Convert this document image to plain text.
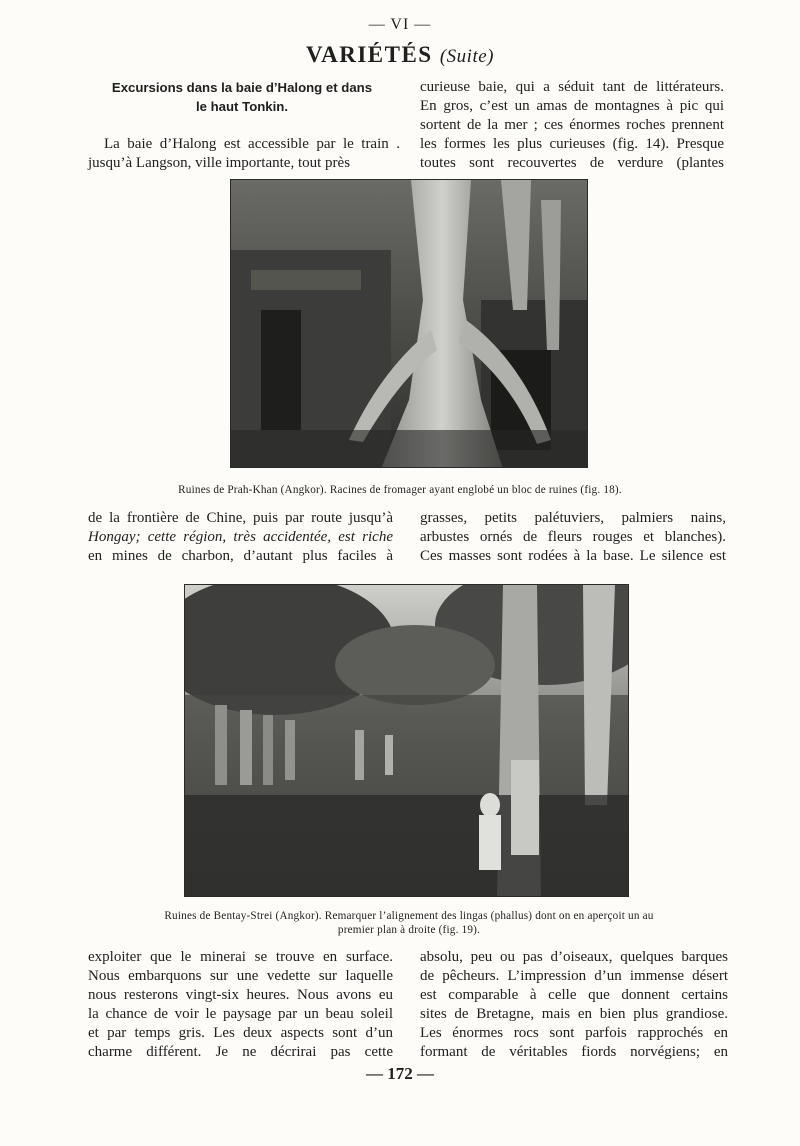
— VI —
VARIÉTÉS (Suite)
Excursions dans la baie d’Halong et dans
le haut Tonkin.
La baie d’Halong est accessible par le train .
jusqu’à Langson, ville importante, tout près
curieuse baie, qui a séduit tant de littérateurs.
En gros, c’est un amas de montagnes à pic qui
sortent de la mer ; ces énormes roches prennent
les formes les plus curieuses (fig. 14). Presque
toutes sont recouvertes de verdure (plantes
Ruines de Prah-Khan (Angkor). Racines de fromager ayant englobé un bloc de ruines (fig. 18).
de la frontière de Chine, puis par route jusqu’à
Hongay; cette région, très accidentée, est riche
en mines de charbon, d’autant plus faciles à
grasses, petits palétuviers, palmiers nains,
arbustes ornés de fleurs rouges et blanches).
Ces masses sont rodées à la base. Le silence est
Ruines de Bentay-Strei (Angkor). Remarquer l’alignement des lingas (phallus) dont on en aperçoit un au
premier plan à droite (fig. 19).
exploiter que le minerai se trouve en surface.
Nous embarquons sur une vedette sur laquelle
nous resterons vingt-six heures. Nous avons eu
la chance de voir le paysage par un beau soleil
et par temps gris. Les deux aspects sont d’un
charme différent. Je ne décrirai pas cette
absolu, peu ou pas d’oiseaux, quelques barques
de pêcheurs. L’impression d’un immense désert
est comparable à celle que donnent certains
sites de Bretagne, mais en bien plus grandiose.
Les énormes rocs sont parfois rapprochés en
formant de véritables fiords norvégiens; en
— 172 —
